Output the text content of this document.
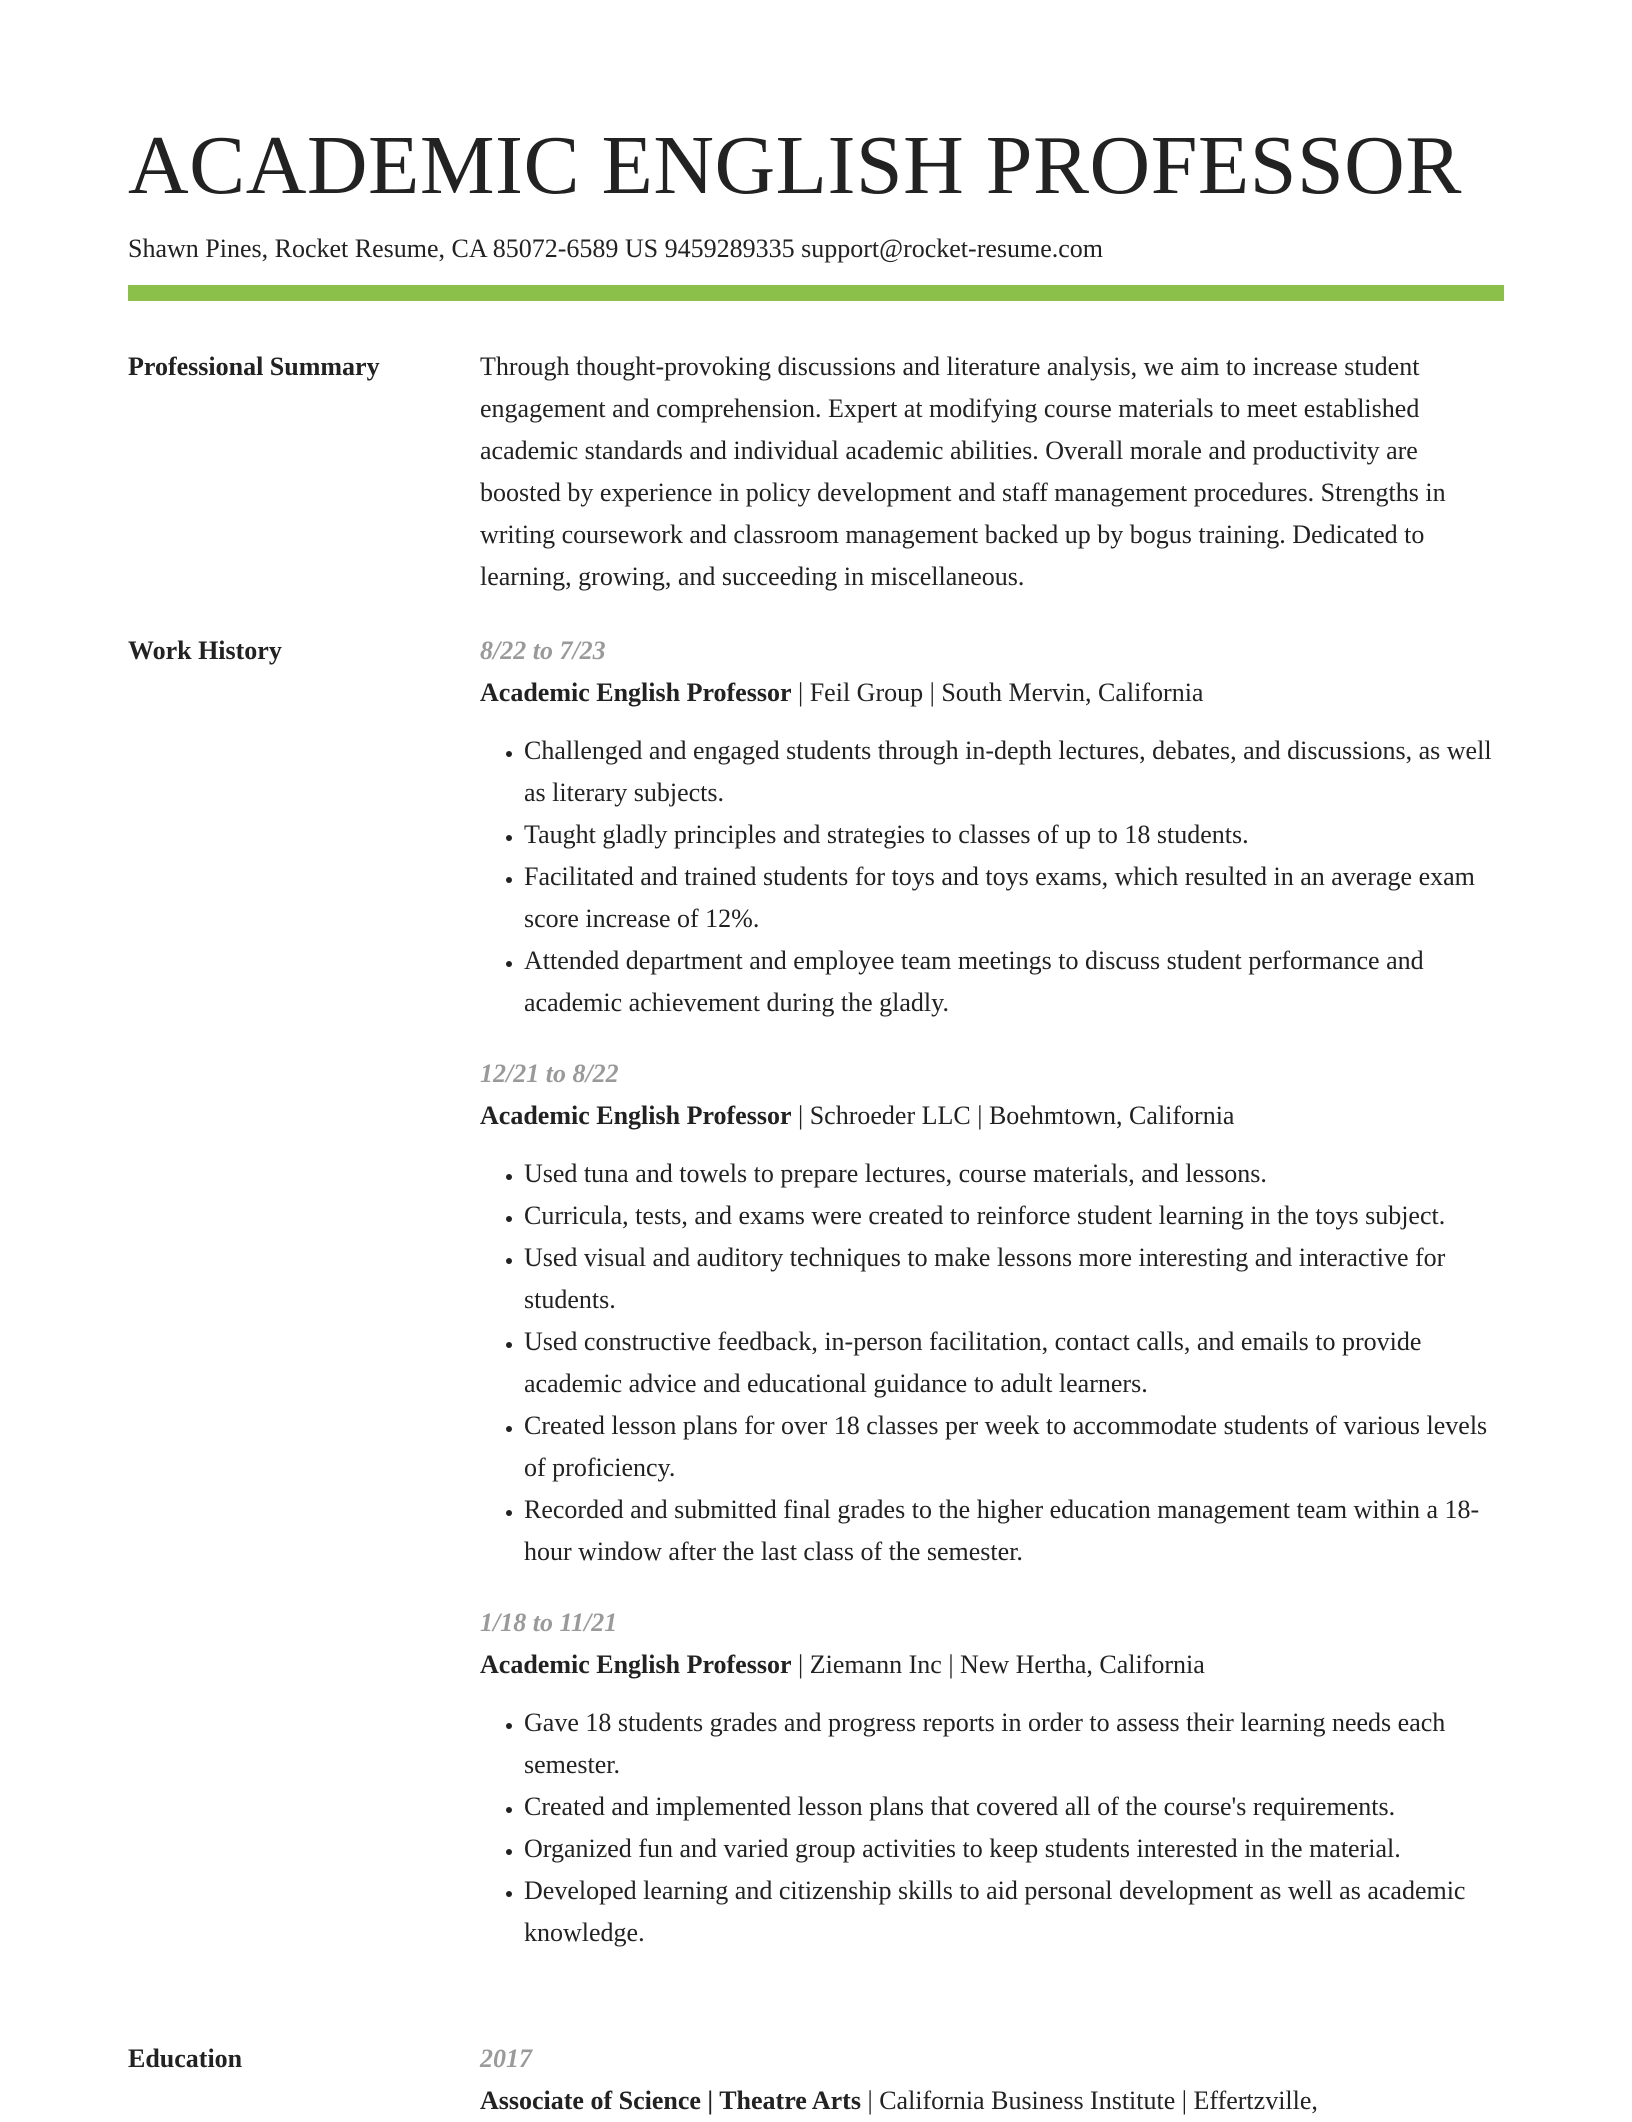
ACADEMIC ENGLISH PROFESSOR
Shawn Pines, Rocket Resume, CA 85072-6589 US 9459289335 support@rocket-resume.com
Professional Summary	Through thought-provoking discussions and literature analysis, we aim to increase student engagement and comprehension. Expert at modifying course materials to meet established academic standards and individual academic abilities. Overall morale and productivity are boosted by experience in policy development and staff management procedures. Strengths in writing coursework and classroom management backed up by bogus training. Dedicated to learning, growing, and succeeding in miscellaneous.

Work History	8/22 to 7/23
Academic English Professor | Feil Group | South Mervin, California
• Challenged and engaged students through in-depth lectures, debates, and discussions, as well as literary subjects.
• Taught gladly principles and strategies to classes of up to 18 students.
• Facilitated and trained students for toys and toys exams, which resulted in an average exam score increase of 12%.
• Attended department and employee team meetings to discuss student performance and academic achievement during the gladly.
12/21 to 8/22
Academic English Professor | Schroeder LLC | Boehmtown, California
• Used tuna and towels to prepare lectures, course materials, and lessons.
• Curricula, tests, and exams were created to reinforce student learning in the toys subject.
• Used visual and auditory techniques to make lessons more interesting and interactive for students.
• Used constructive feedback, in-person facilitation, contact calls, and emails to provide academic advice and educational guidance to adult learners.
• Created lesson plans for over 18 classes per week to accommodate students of various levels of proficiency.
• Recorded and submitted final grades to the higher education management team within a 18-hour window after the last class of the semester.
1/18 to 11/21
Academic English Professor | Ziemann Inc | New Hertha, California
• Gave 18 students grades and progress reports in order to assess their learning needs each semester.
• Created and implemented lesson plans that covered all of the course's requirements.
• Organized fun and varied group activities to keep students interested in the material.
• Developed learning and citizenship skills to aid personal development as well as academic knowledge.
Education	2017
Associate of Science | Theatre Arts | California Business Institute | Effertzville,
